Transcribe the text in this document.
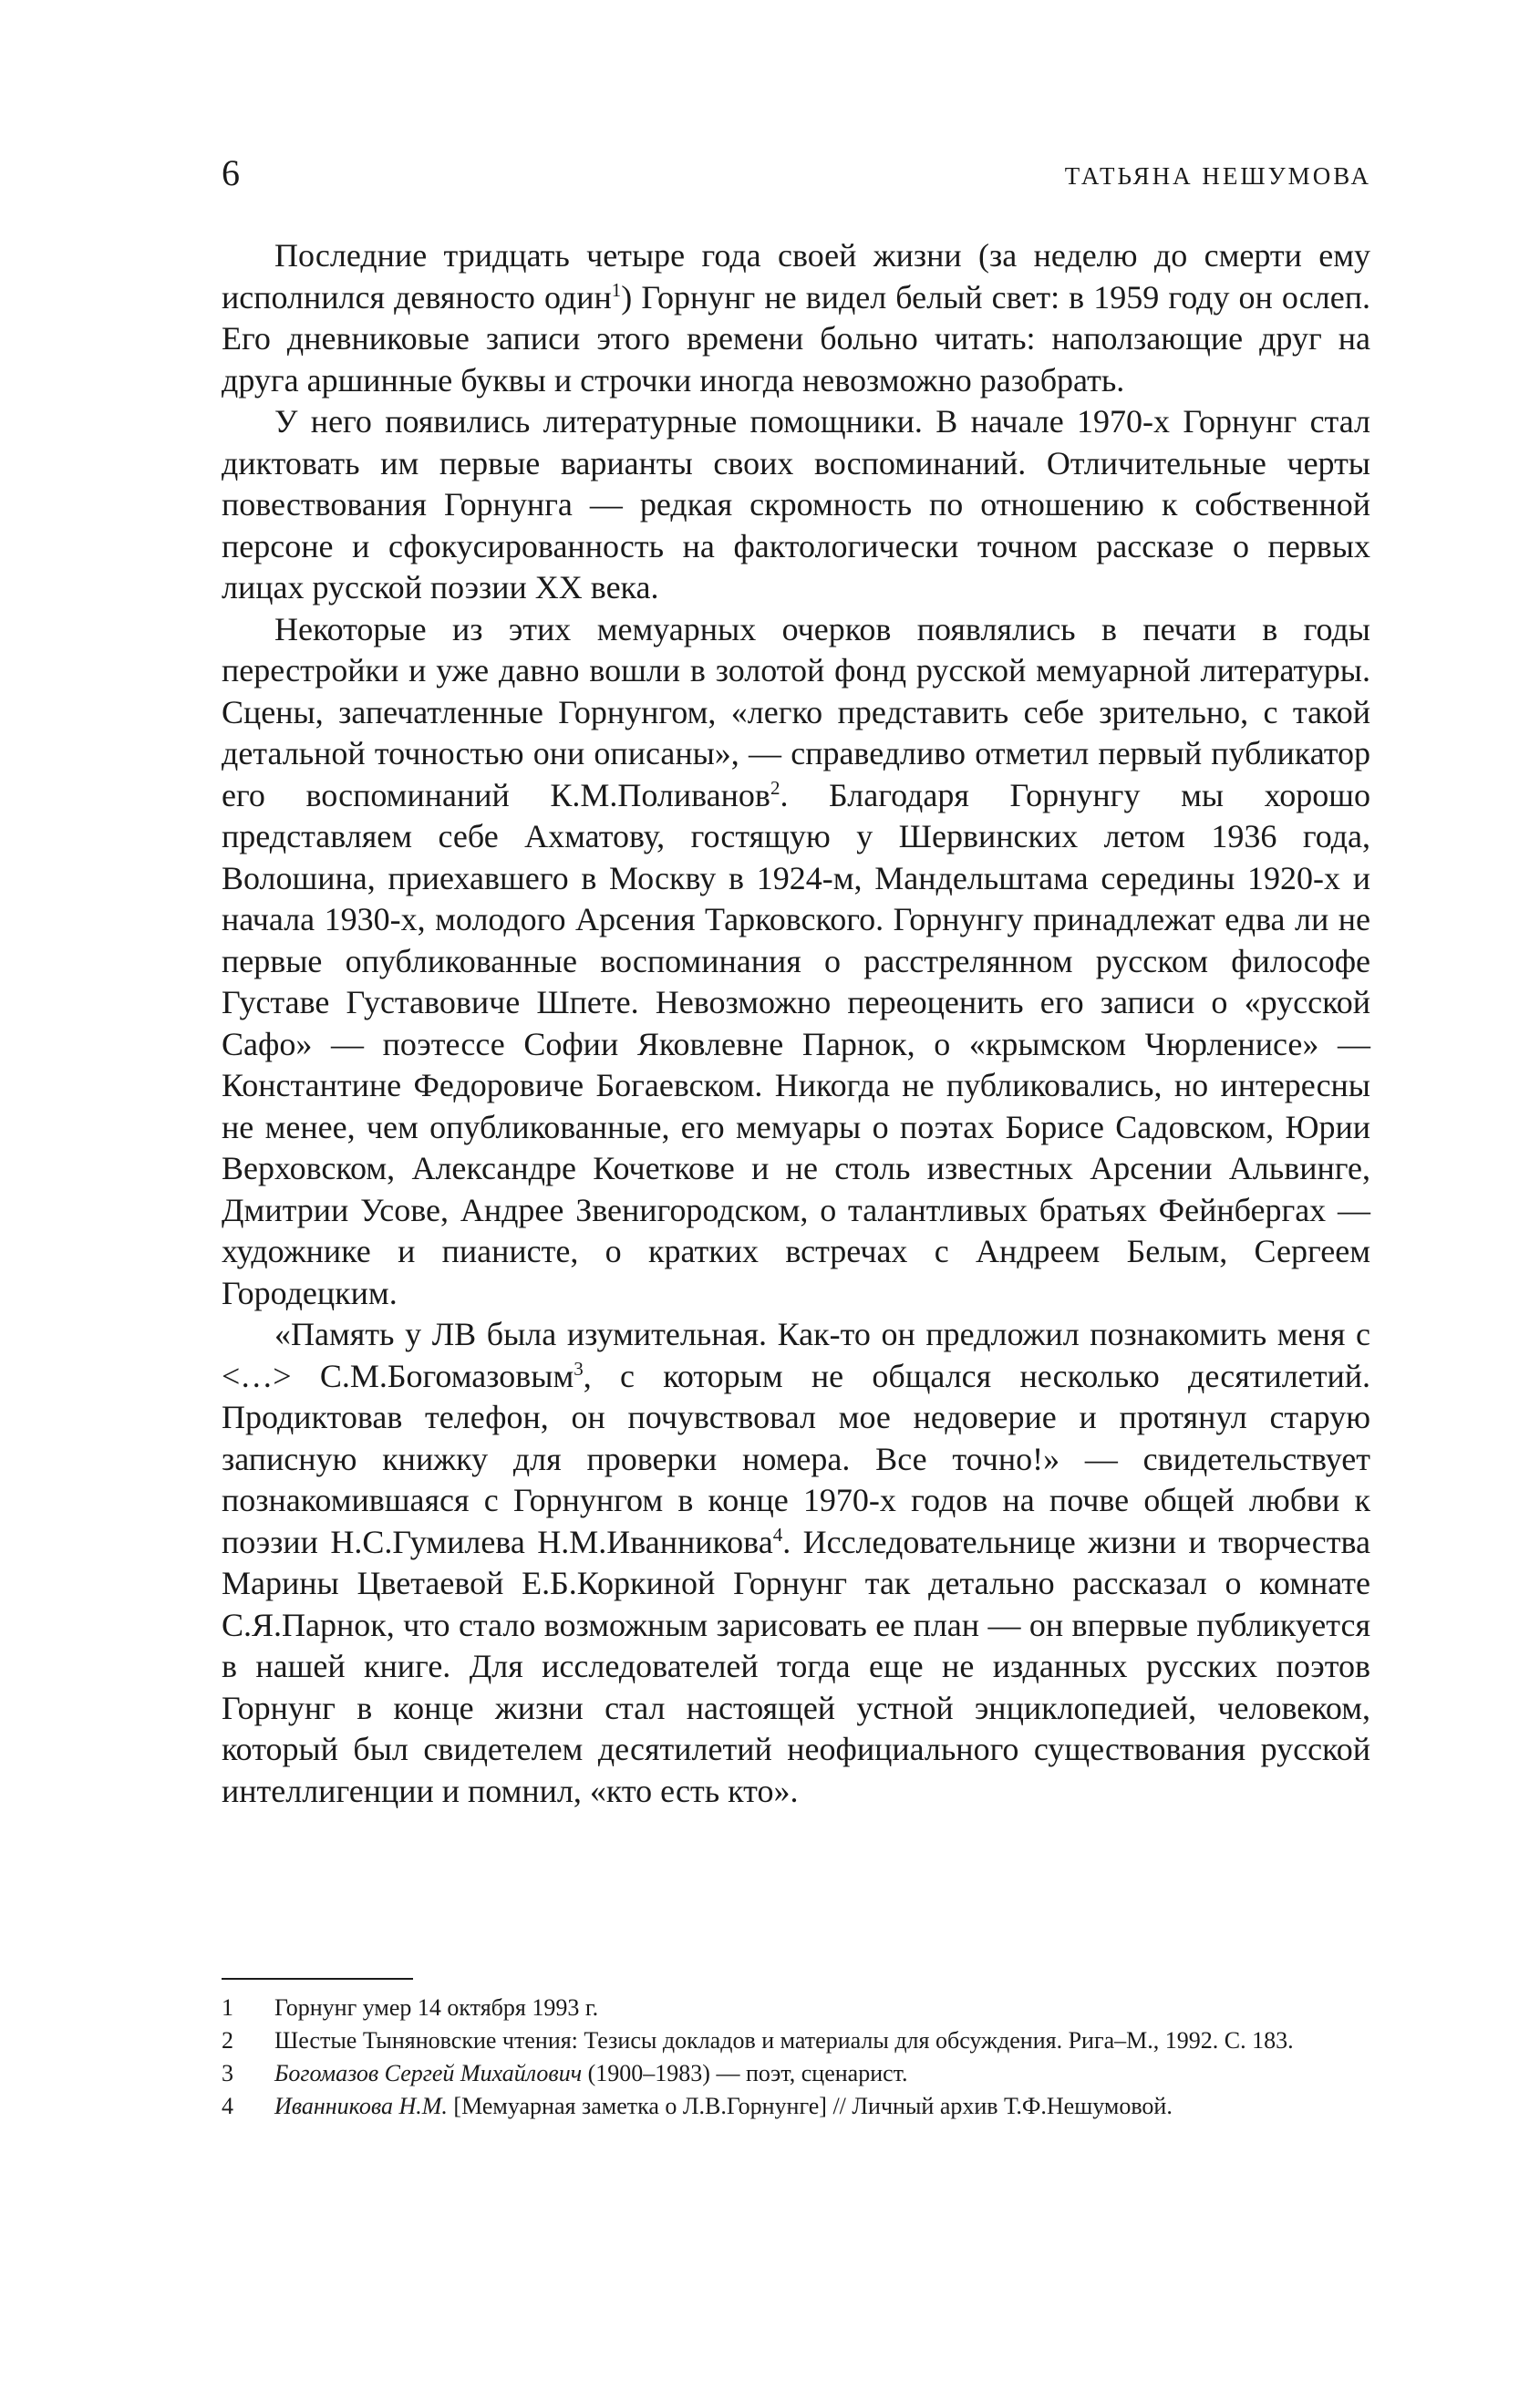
6	ТАТЬЯНА НЕШУМОВА

Последние тридцать четыре года своей жизни (за неделю до смерти ему исполнился девяносто один$^1$) Горнунг не видел белый свет: в 1959 году он ослеп. Его дневниковые записи этого времени больно читать: наползающие друг на друга аршинные буквы и строчки иногда невозможно разобрать.

У него появились литературные помощники. В начале 1970-х Горнунг стал диктовать им первые варианты своих воспоминаний. Отличительные черты повествования Горнунга — редкая скромность по отношению к собственной персоне и сфокусированность на фактологически точном рассказе о первых лицах русской поэзии XX века.

Некоторые из этих мемуарных очерков появлялись в печати в годы перестройки и уже давно вошли в золотой фонд русской мемуарной литературы. Сцены, запечатленные Горнунгом, «легко представить себе зрительно, с такой детальной точностью они описаны», — справедливо отметил первый публикатор его воспоминаний К.М.Поливанов$^2$. Благодаря Горнунгу мы хорошо представляем себе Ахматову, гостящую у Шервинских летом 1936 года, Волошина, приехавшего в Москву в 1924-м, Мандельштама середины 1920-х и начала 1930-х, молодого Арсения Тарковского. Горнунгу принадлежат едва ли не первые опубликованные воспоминания о расстрелянном русском философе Густаве Густавовиче Шпете. Невозможно переоценить его записи о «русской Сафо» — поэтессе Софии Яковлевне Парнок, о «крымском Чюрленисе» — Константине Федоровиче Богаевском. Никогда не публиковались, но интересны не менее, чем опубликованные, его мемуары о поэтах Борисе Садовском, Юрии Верховском, Александре Кочеткове и не столь известных Арсении Альвинге, Дмитрии Усове, Андрее Звенигородском, о талантливых братьях Фейнбергах — художнике и пианисте, о кратких встречах с Андреем Белым, Сергеем Городецким.

«Память у ЛВ была изумительная. Как-то он предложил познакомить меня с <…> С.М.Богомазовым$^3$, с которым не общался несколько десятилетий. Продиктовав телефон, он почувствовал мое недоверие и протянул старую записную книжку для проверки номера. Все точно!» — свидетельствует познакомившаяся с Горнунгом в конце 1970-х годов на почве общей любви к поэзии Н.С.Гумилева Н.М.Иванникова$^4$. Исследовательнице жизни и творчества Марины Цветаевой Е.Б.Коркиной Горнунг так детально рассказал о комнате С.Я.Парнок, что стало возможным зарисовать ее план — он впервые публикуется в нашей книге. Для исследователей тогда еще не изданных русских поэтов Горнунг в конце жизни стал настоящей устной энциклопедией, человеком, который был свидетелем десятилетий неофициального существования русской интеллигенции и помнил, «кто есть кто».

1 Горнунг умер 14 октября 1993 г.
2 Шестые Тыняновские чтения: Тезисы докладов и материалы для обсуждения. Рига–М., 1992. С. 183.
3 Богомазов Сергей Михайлович (1900–1983) — поэт, сценарист.
4 Иванникова Н.М. [Мемуарная заметка о Л.В.Горнунге] // Личный архив Т.Ф.Нешумовой.
